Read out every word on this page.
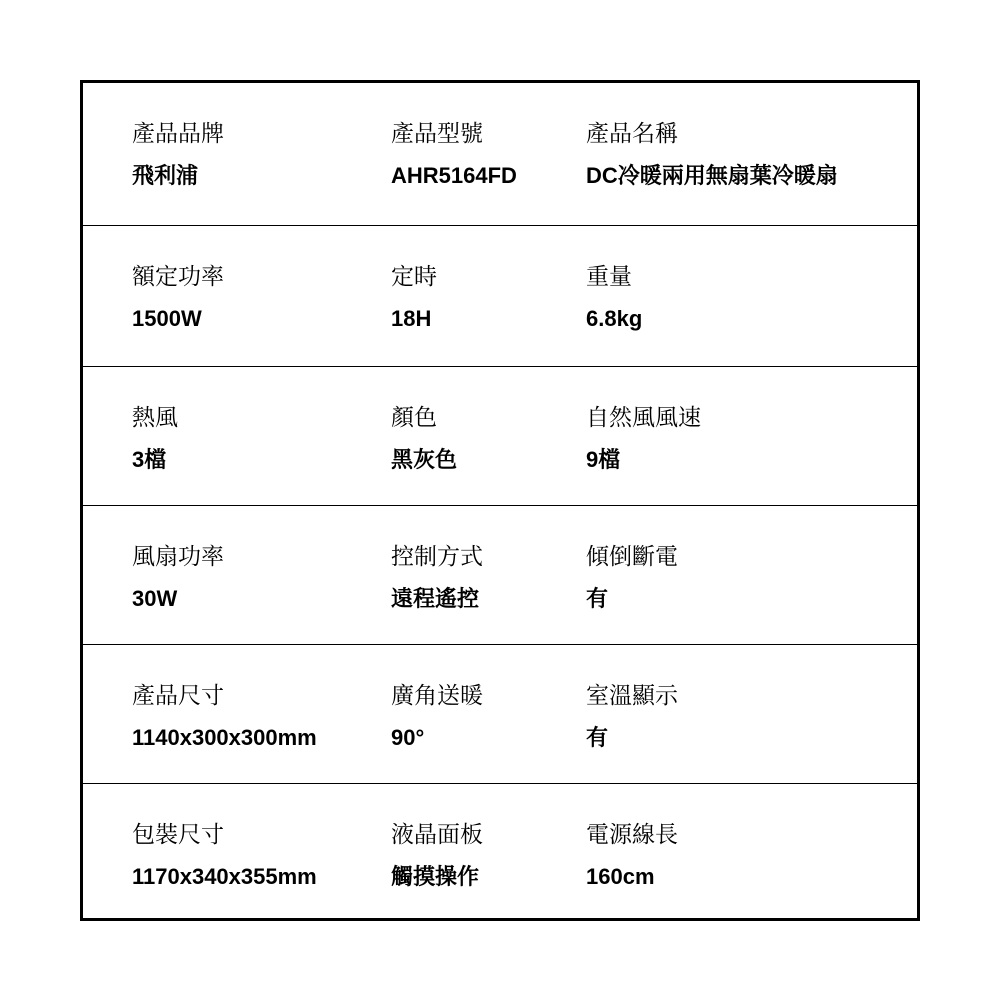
產品品牌
飛利浦
產品型號
AHR5164FD
產品名稱
DC冷暖兩用無扇葉冷暖扇
額定功率
1500W
定時
18H
重量
6.8kg
熱風
3檔
顏色
黑灰色
自然風風速
9檔
風扇功率
30W
控制方式
遠程遙控
傾倒斷電
有
產品尺寸
1140x300x300mm
廣角送暖
90°
室溫顯示
有
包裝尺寸
1170x340x355mm
液晶面板
觸摸操作
電源線長
160cm
